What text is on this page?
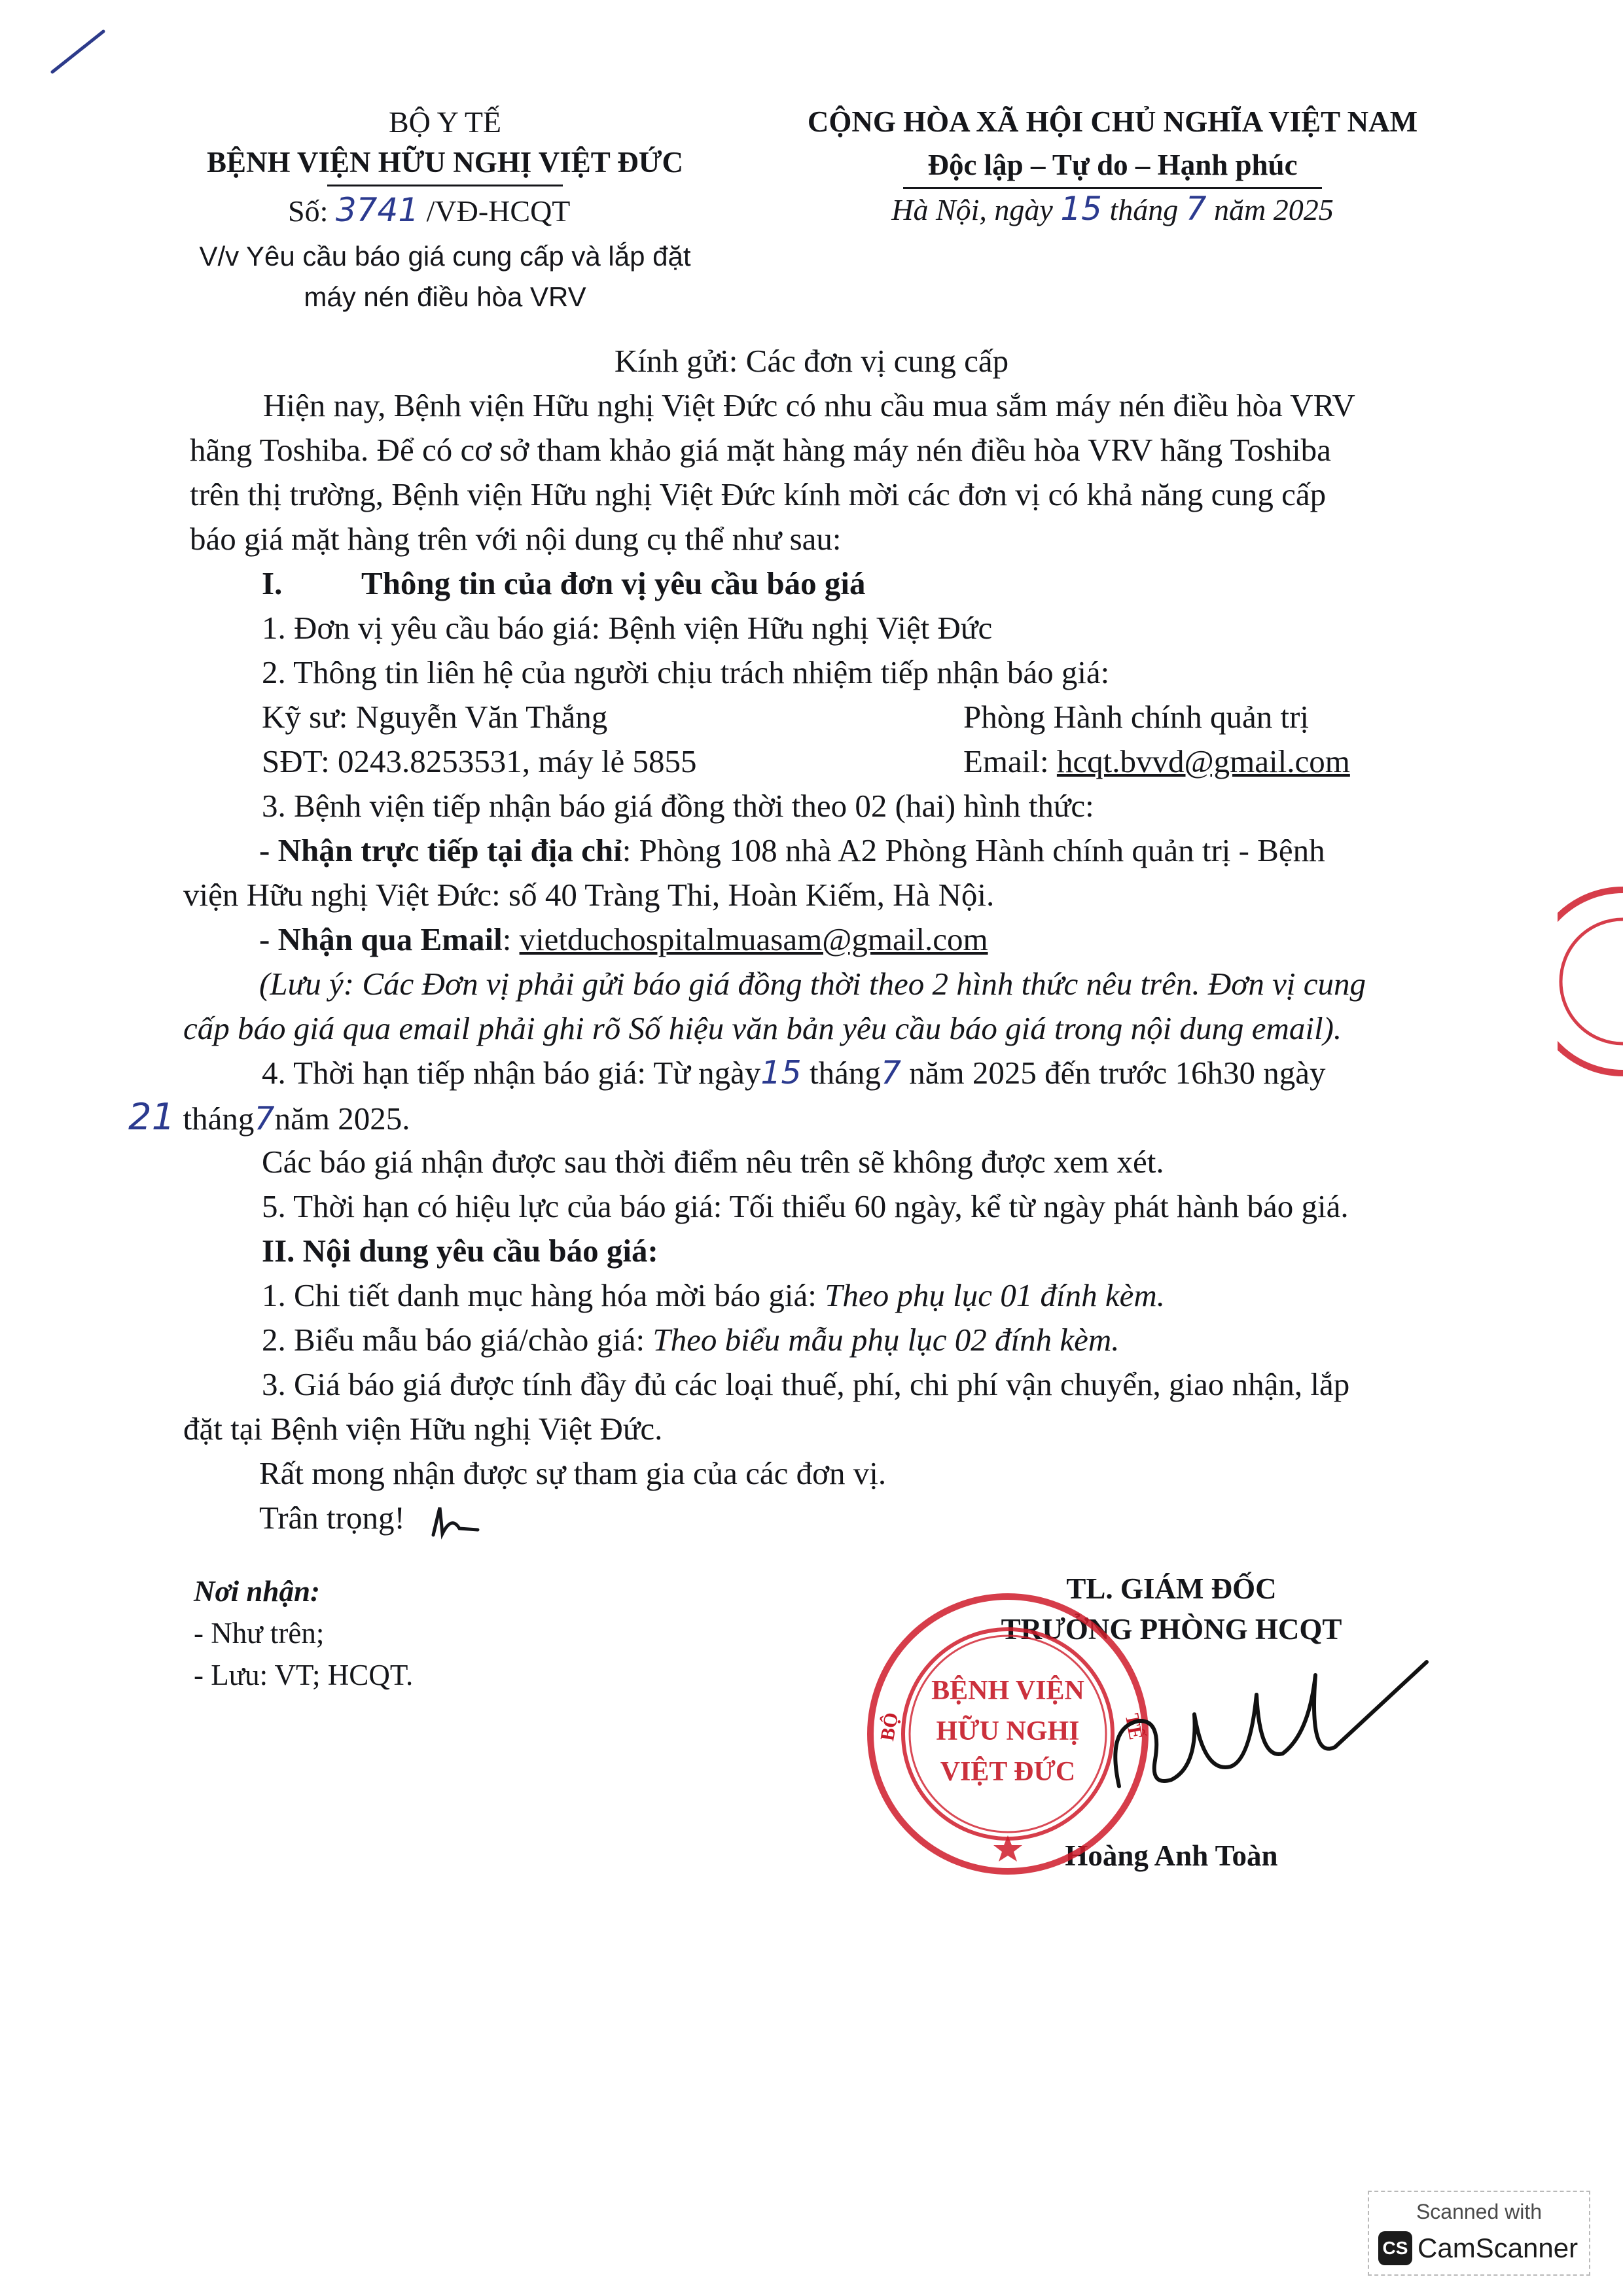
BỘ Y TẾ
BỆNH VIỆN HỮU NGHỊ VIỆT ĐỨC
Số: 3741 /VĐ-HCQT
V/v Yêu cầu báo giá cung cấp và lắp đặt
máy nén điều hòa VRV
CỘNG HÒA XÃ HỘI CHỦ NGHĨA VIỆT NAM
Độc lập – Tự do – Hạnh phúc
Hà Nội, ngày 15 tháng 7 năm 2025
Kính gửi: Các đơn vị cung cấp
Hiện nay, Bệnh viện Hữu nghị Việt Đức có nhu cầu mua sắm máy nén điều hòa VRV
hãng Toshiba. Để có cơ sở tham khảo giá mặt hàng máy nén điều hòa VRV hãng Toshiba
trên thị trường, Bệnh viện Hữu nghị Việt Đức kính mời các đơn vị có khả năng cung cấp
báo giá mặt hàng trên với nội dung cụ thể như sau:
I. Thông tin của đơn vị yêu cầu báo giá
1. Đơn vị yêu cầu báo giá: Bệnh viện Hữu nghị Việt Đức
2. Thông tin liên hệ của người chịu trách nhiệm tiếp nhận báo giá:
Kỹ sư: Nguyễn Văn Thắng	Phòng Hành chính quản trị
SĐT: 0243.8253531, máy lẻ 5855	Email: hcqt.bvvd@gmail.com
3. Bệnh viện tiếp nhận báo giá đồng thời theo 02 (hai) hình thức:
- Nhận trực tiếp tại địa chỉ: Phòng 108 nhà A2 Phòng Hành chính quản trị - Bệnh
viện Hữu nghị Việt Đức: số 40 Tràng Thi, Hoàn Kiếm, Hà Nội.
- Nhận qua Email: vietduchospitalmuasam@gmail.com
(Lưu ý: Các Đơn vị phải gửi báo giá đồng thời theo 2 hình thức nêu trên. Đơn vị cung
cấp báo giá qua email phải ghi rõ Số hiệu văn bản yêu cầu báo giá trong nội dung email).
4. Thời hạn tiếp nhận báo giá: Từ ngày15 tháng7 năm 2025 đến trước 16h30 ngày
21 tháng7năm 2025.
Các báo giá nhận được sau thời điểm nêu trên sẽ không được xem xét.
5. Thời hạn có hiệu lực của báo giá: Tối thiểu 60 ngày, kể từ ngày phát hành báo giá.
II. Nội dung yêu cầu báo giá:
1. Chi tiết danh mục hàng hóa mời báo giá: Theo phụ lục 01 đính kèm.
2. Biểu mẫu báo giá/chào giá: Theo biểu mẫu phụ lục 02 đính kèm.
3. Giá báo giá được tính đầy đủ các loại thuế, phí, chi phí vận chuyển, giao nhận, lắp
đặt tại Bệnh viện Hữu nghị Việt Đức.
Rất mong nhận được sự tham gia của các đơn vị.
Trân trọng!
Nơi nhận:
- Như trên;
- Lưu: VT; HCQT.
TL. GIÁM ĐỐC
TRƯỞNG PHÒNG HCQT
Hoàng Anh Toàn
BỆNH VIỆN
HỮU NGHỊ
VIỆT ĐỨC
BỘ	TẾ
Scanned with
CS CamScanner
